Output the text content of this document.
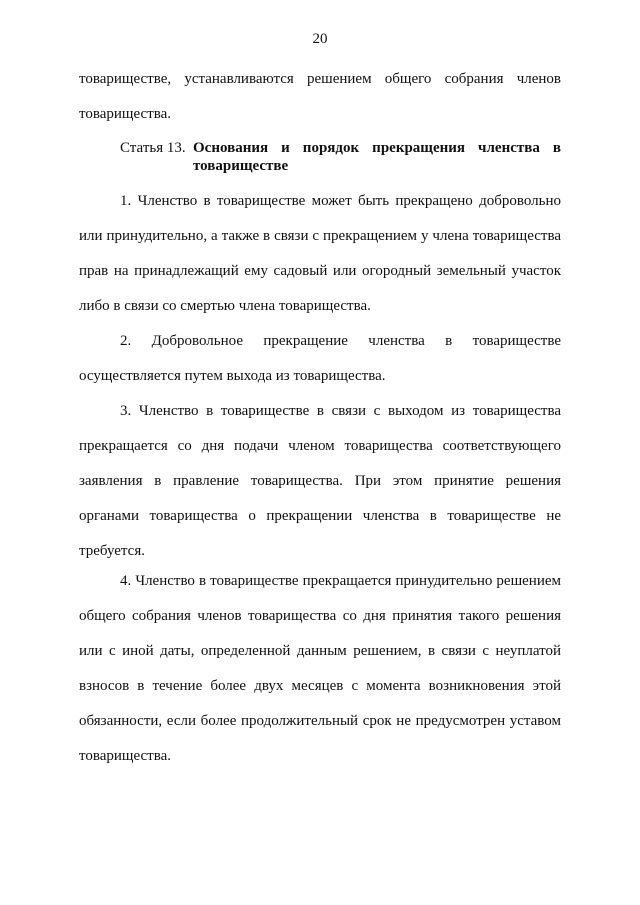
20
товариществе, устанавливаются решением общего собрания членов
товарищества.
Статья 13. Основания и порядок прекращения членства в
товариществе
1. Членство в товариществе может быть прекращено добровольно
или принудительно, а также в связи с прекращением у члена товарищества
прав на принадлежащий ему садовый или огородный земельный участок
либо в связи со смертью члена товарищества.
2. Добровольное прекращение членства в товариществе
осуществляется путем выхода из товарищества.
3. Членство в товариществе в связи с выходом из товарищества
прекращается со дня подачи членом товарищества соответствующего
заявления в правление товарищества. При этом принятие решения
органами товарищества о прекращении членства в товариществе не
требуется.
4. Членство в товариществе прекращается принудительно решением
общего собрания членов товарищества со дня принятия такого решения
или с иной даты, определенной данным решением, в связи с неуплатой
взносов в течение более двух месяцев с момента возникновения этой
обязанности, если более продолжительный срок не предусмотрен уставом
товарищества.
